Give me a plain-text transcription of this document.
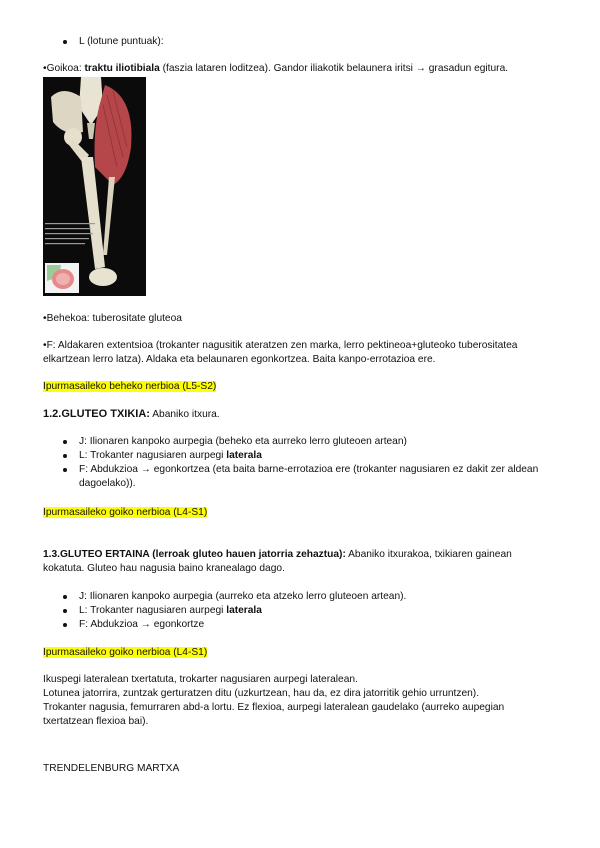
L (lotune puntuak):
•Goikoa: traktu iliotibiala (faszia lataren loditzea). Gandor iliakotik belaunera iritsi → grasadun egitura.
•Behekoa: tuberositate gluteoa
•F: Aldakaren extentsioa (trokanter nagusitik ateratzen zen marka, lerro pektineoa+gluteoko tuberositatea elkartzean lerro latza). Aldaka eta belaunaren egonkortzea. Baita kanpo-errotazioa ere.
Ipurmasaileko beheko nerbioa (L5-S2)
1.2.GLUTEO TXIKIA: Abaniko itxura.
J: Ilionaren kanpoko aurpegia (beheko eta aurreko lerro gluteoen artean)
L: Trokanter nagusiaren aurpegi laterala
F: Abdukzioa → egonkortzea (eta baita barne-errotazioa ere (trokanter nagusiaren ez dakit zer aldean dagoelako)).
Ipurmasaileko goiko nerbioa (L4-S1)
1.3.GLUTEO ERTAINA (lerroak gluteo hauen jatorria zehaztua): Abaniko itxurakoa, txikiaren gainean kokatuta. Gluteo hau nagusia baino kranealago dago.
J: Ilionaren kanpoko aurpegia (aurreko eta atzeko lerro gluteoen artean).
L: Trokanter nagusiaren aurpegi laterala
F: Abdukzioa → egonkortze
Ipurmasaileko goiko nerbioa (L4-S1)
Ikuspegi lateralean txertatuta, trokarter nagusiaren aurpegi lateralean.
Lotunea jatorrira, zuntzak gerturatzen ditu (uzkurtzean, hau da, ez dira jatorritik gehio urruntzen).
Trokanter nagusia, femurraren abd-a lortu. Ez flexioa, aurpegi lateralean gaudelako (aurreko aupegian txertatzean flexioa bai).
TRENDELENBURG MARTXA
